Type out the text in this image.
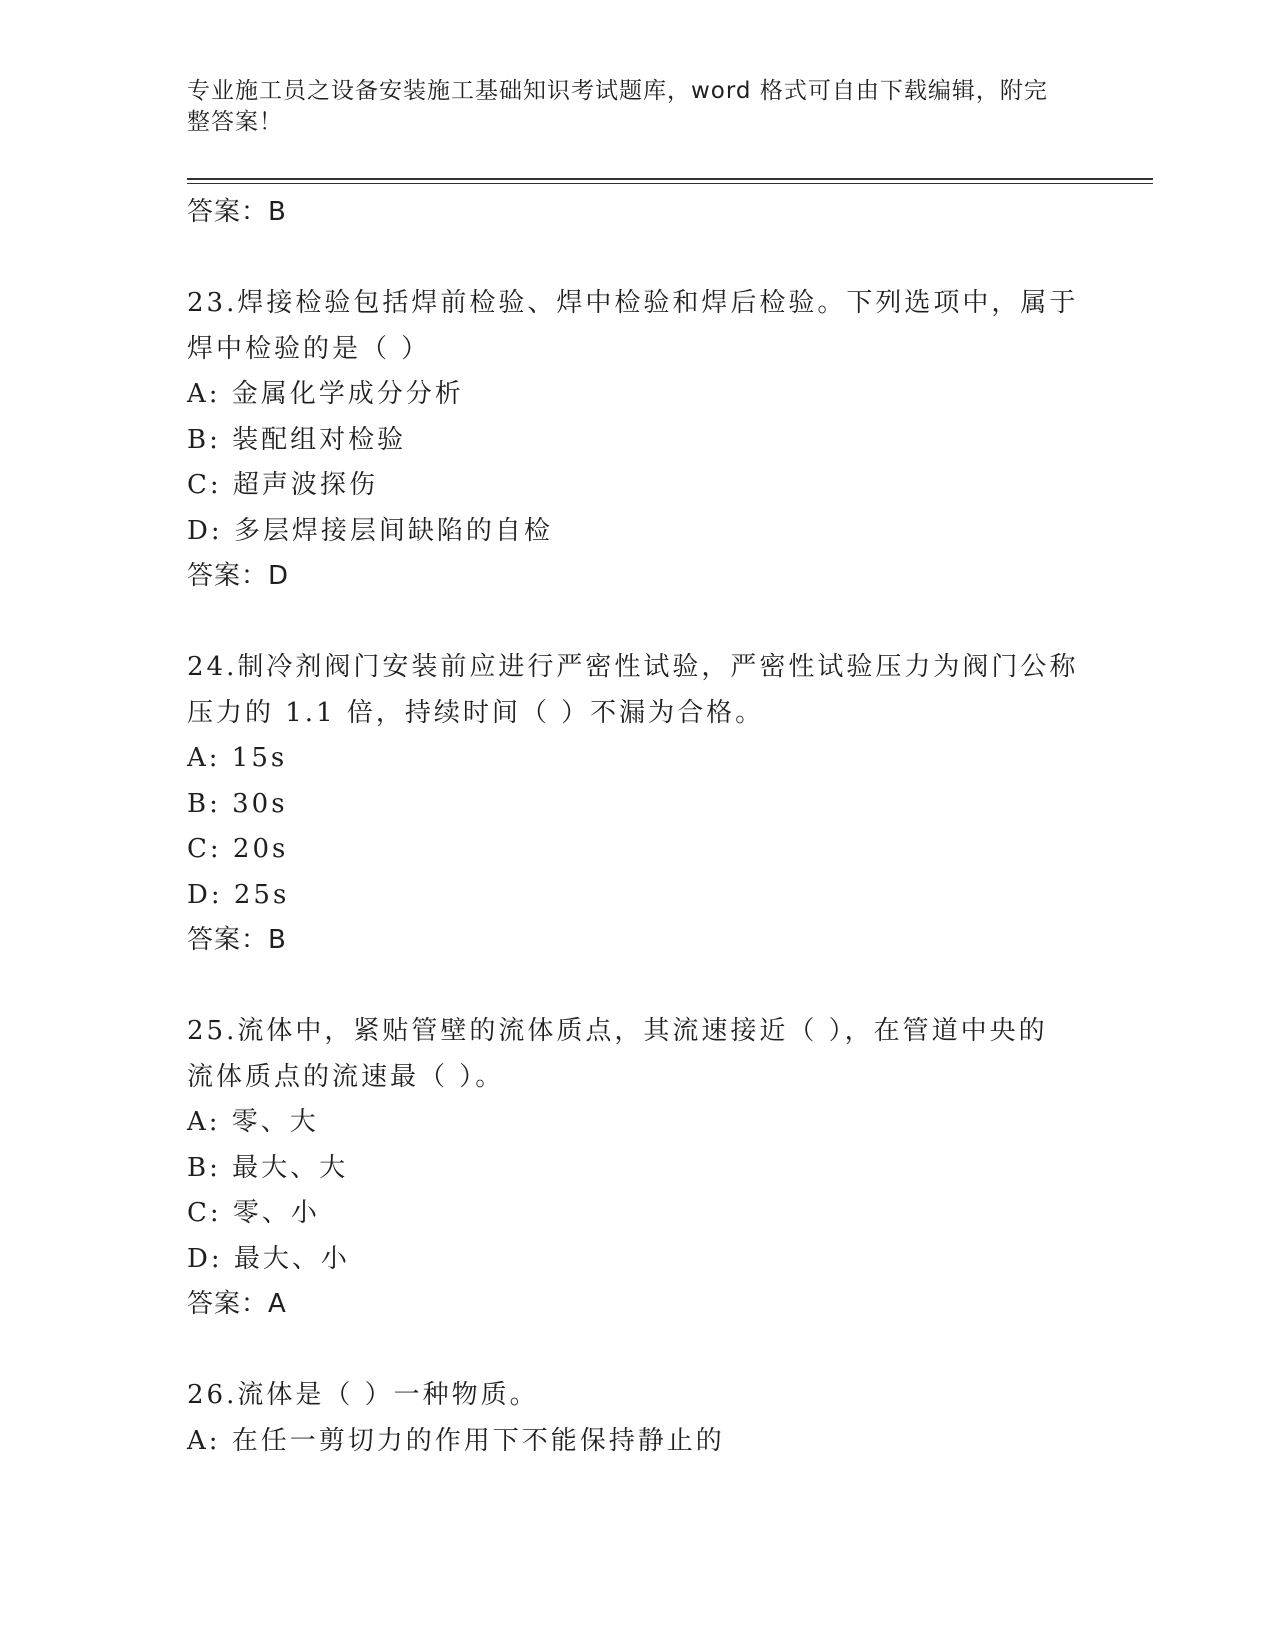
专业施工员之设备安装施工基础知识考试题库，word 格式可自由下载编辑，附完
整答案！
答案：B
23.焊接检验包括焊前检验、焊中检验和焊后检验。下列选项中，属于
焊中检验的是（ ）
A: 金属化学成分分析
B: 装配组对检验
C: 超声波探伤
D: 多层焊接层间缺陷的自检
答案：D
24.制冷剂阀门安装前应进行严密性试验，严密性试验压力为阀门公称
压力的 1.1 倍，持续时间（ ）不漏为合格。
A: 15s
B: 30s
C: 20s
D: 25s
答案：B
25.流体中，紧贴管壁的流体质点，其流速接近（ ），在管道中央的
流体质点的流速最（ ）。
A: 零、大
B: 最大、大
C: 零、小
D: 最大、小
答案：A
26.流体是（ ）一种物质。
A: 在任一剪切力的作用下不能保持静止的
